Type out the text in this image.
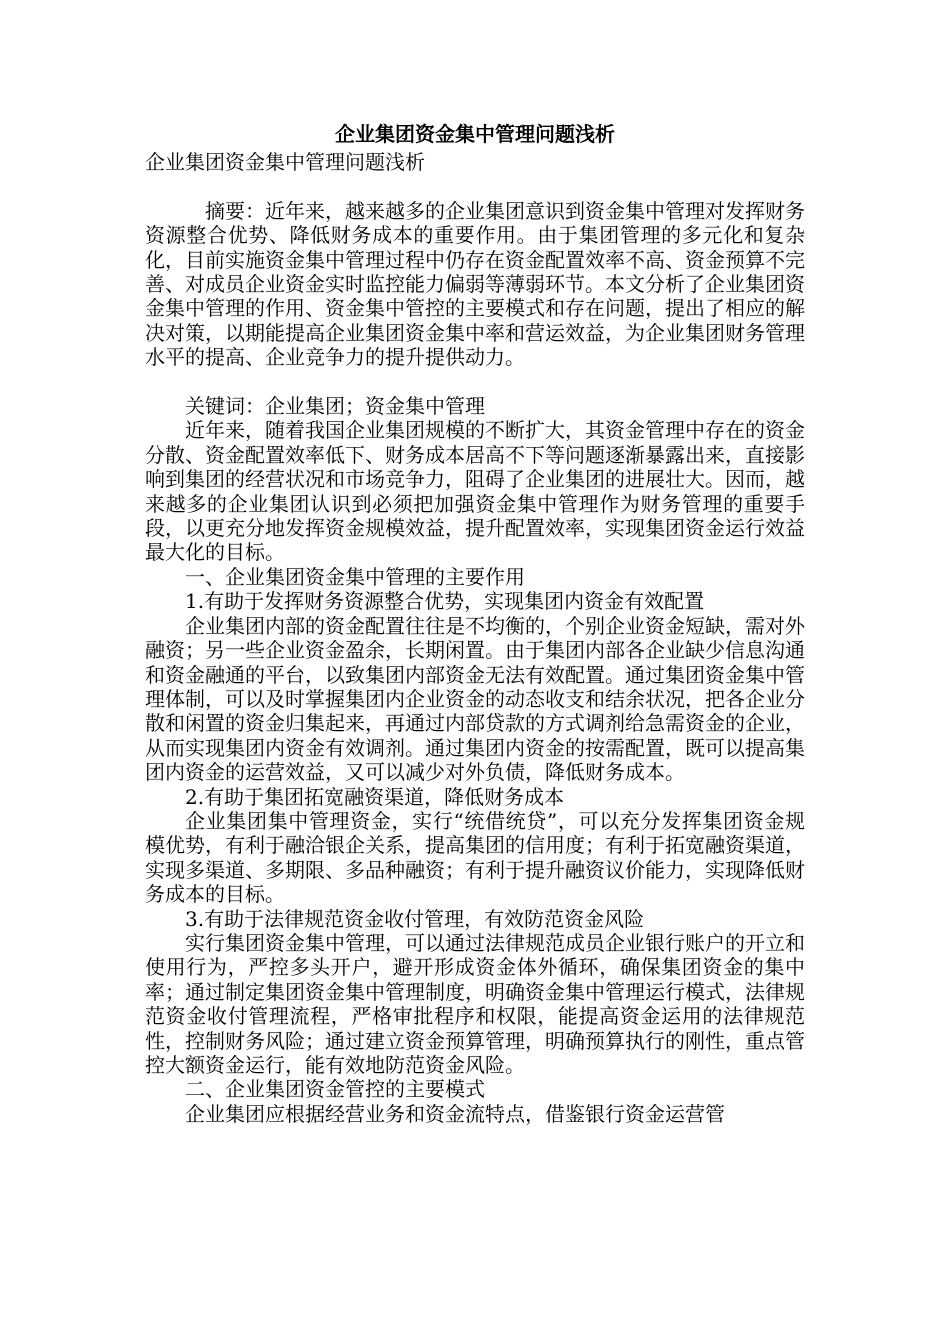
企业集团资金集中管理问题浅析

企业集团资金集中管理问题浅析

摘要：近年来，越来越多的企业集团意识到资金集中管理对发挥财务资源整合优势、降低财务成本的重要作用。由于集团管理的多元化和复杂化，目前实施资金集中管理过程中仍存在资金配置效率不高、资金预算不完善、对成员企业资金实时监控能力偏弱等薄弱环节。本文分析了企业集团资金集中管理的作用、资金集中管控的主要模式和存在问题，提出了相应的解决对策，以期能提高企业集团资金集中率和营运效益，为企业集团财务管理水平的提高、企业竞争力的提升提供动力。

关键词：企业集团；资金集中管理

近年来，随着我国企业集团规模的不断扩大，其资金管理中存在的资金分散、资金配置效率低下、财务成本居高不下等问题逐渐暴露出来，直接影响到集团的经营状况和市场竞争力，阻碍了企业集团的进展壮大。因而，越来越多的企业集团认识到必须把加强资金集中管理作为财务管理的重要手段，以更充分地发挥资金规模效益，提升配置效率，实现集团资金运行效益最大化的目标。

一、企业集团资金集中管理的主要作用

1.有助于发挥财务资源整合优势，实现集团内资金有效配置

企业集团内部的资金配置往往是不均衡的，个别企业资金短缺，需对外融资；另一些企业资金盈余，长期闲置。由于集团内部各企业缺少信息沟通和资金融通的平台，以致集团内部资金无法有效配置。通过集团资金集中管理体制，可以及时掌握集团内企业资金的动态收支和结余状况，把各企业分散和闲置的资金归集起来，再通过内部贷款的方式调剂给急需资金的企业，从而实现集团内资金有效调剂。通过集团内资金的按需配置，既可以提高集团内资金的运营效益，又可以减少对外负债，降低财务成本。

2.有助于集团拓宽融资渠道，降低财务成本

企业集团集中管理资金，实行“统借统贷”，可以充分发挥集团资金规模优势，有利于融洽银企关系，提高集团的信用度；有利于拓宽融资渠道，实现多渠道、多期限、多品种融资；有利于提升融资议价能力，实现降低财务成本的目标。

3.有助于法律规范资金收付管理，有效防范资金风险

实行集团资金集中管理，可以通过法律规范成员企业银行账户的开立和使用行为，严控多头开户，避开形成资金体外循环，确保集团资金的集中率；通过制定集团资金集中管理制度，明确资金集中管理运行模式，法律规范资金收付管理流程，严格审批程序和权限，能提高资金运用的法律规范性，控制财务风险；通过建立资金预算管理，明确预算执行的刚性，重点管控大额资金运行，能有效地防范资金风险。

二、企业集团资金管控的主要模式

企业集团应根据经营业务和资金流特点，借鉴银行资金运营管
